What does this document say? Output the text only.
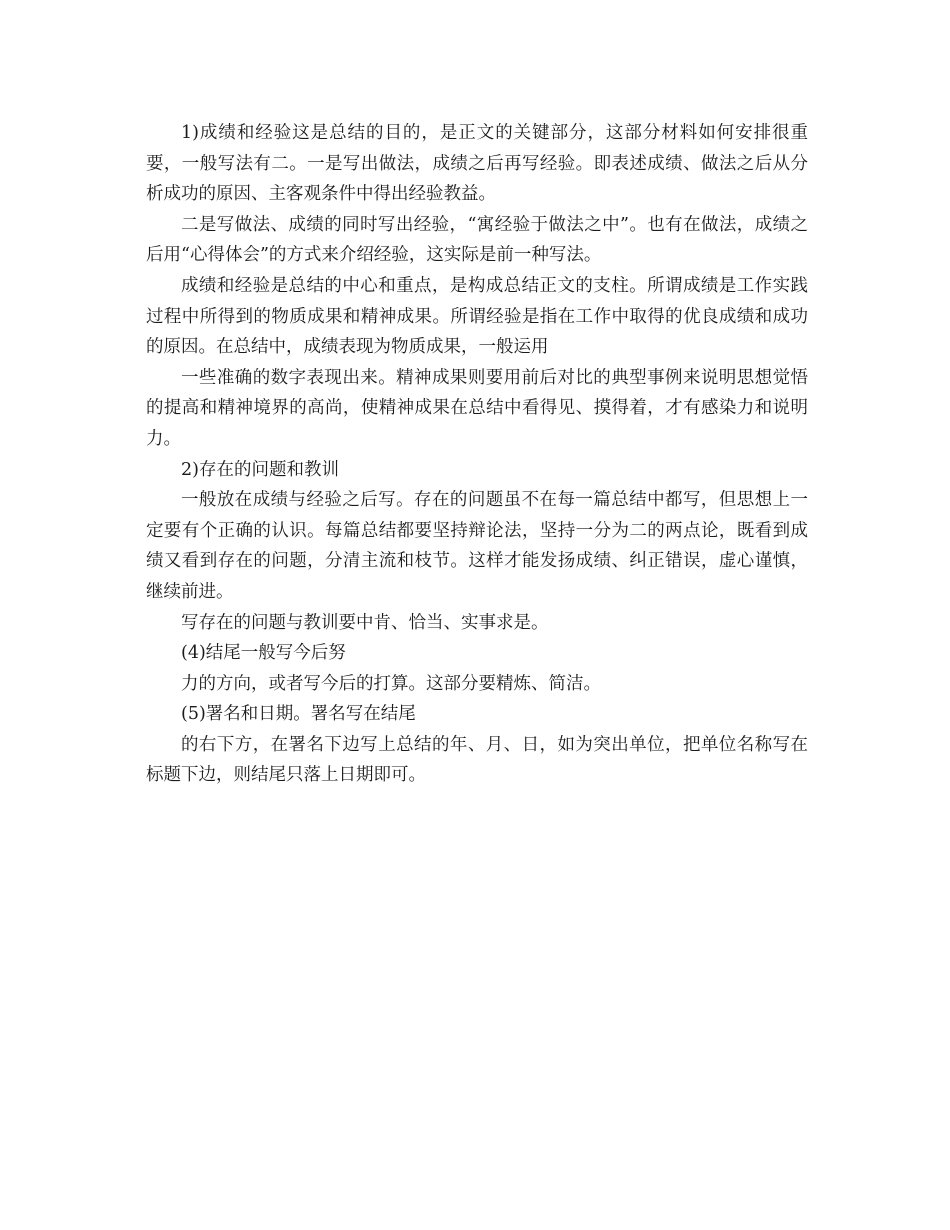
1)成绩和经验这是总结的目的，是正文的关键部分，这部分材料如何安排很重要，一般写法有二。一是写出做法，成绩之后再写经验。即表述成绩、做法之后从分析成功的原因、主客观条件中得出经验教益。

二是写做法、成绩的同时写出经验，“寓经验于做法之中”。也有在做法，成绩之后用“心得体会”的方式来介绍经验，这实际是前一种写法。

成绩和经验是总结的中心和重点，是构成总结正文的支柱。所谓成绩是工作实践过程中所得到的物质成果和精神成果。所谓经验是指在工作中取得的优良成绩和成功的原因。在总结中，成绩表现为物质成果，一般运用

一些准确的数字表现出来。精神成果则要用前后对比的典型事例来说明思想觉悟的提高和精神境界的高尚，使精神成果在总结中看得见、摸得着，才有感染力和说明力。

2)存在的问题和教训

一般放在成绩与经验之后写。存在的问题虽不在每一篇总结中都写，但思想上一定要有个正确的认识。每篇总结都要坚持辩论法，坚持一分为二的两点论，既看到成绩又看到存在的问题，分清主流和枝节。这样才能发扬成绩、纠正错误，虚心谨慎，继续前进。

写存在的问题与教训要中肯、恰当、实事求是。

(4)结尾一般写今后努

力的方向，或者写今后的打算。这部分要精炼、简洁。

(5)署名和日期。署名写在结尾

的右下方，在署名下边写上总结的年、月、日，如为突出单位，把单位名称写在标题下边，则结尾只落上日期即可。
